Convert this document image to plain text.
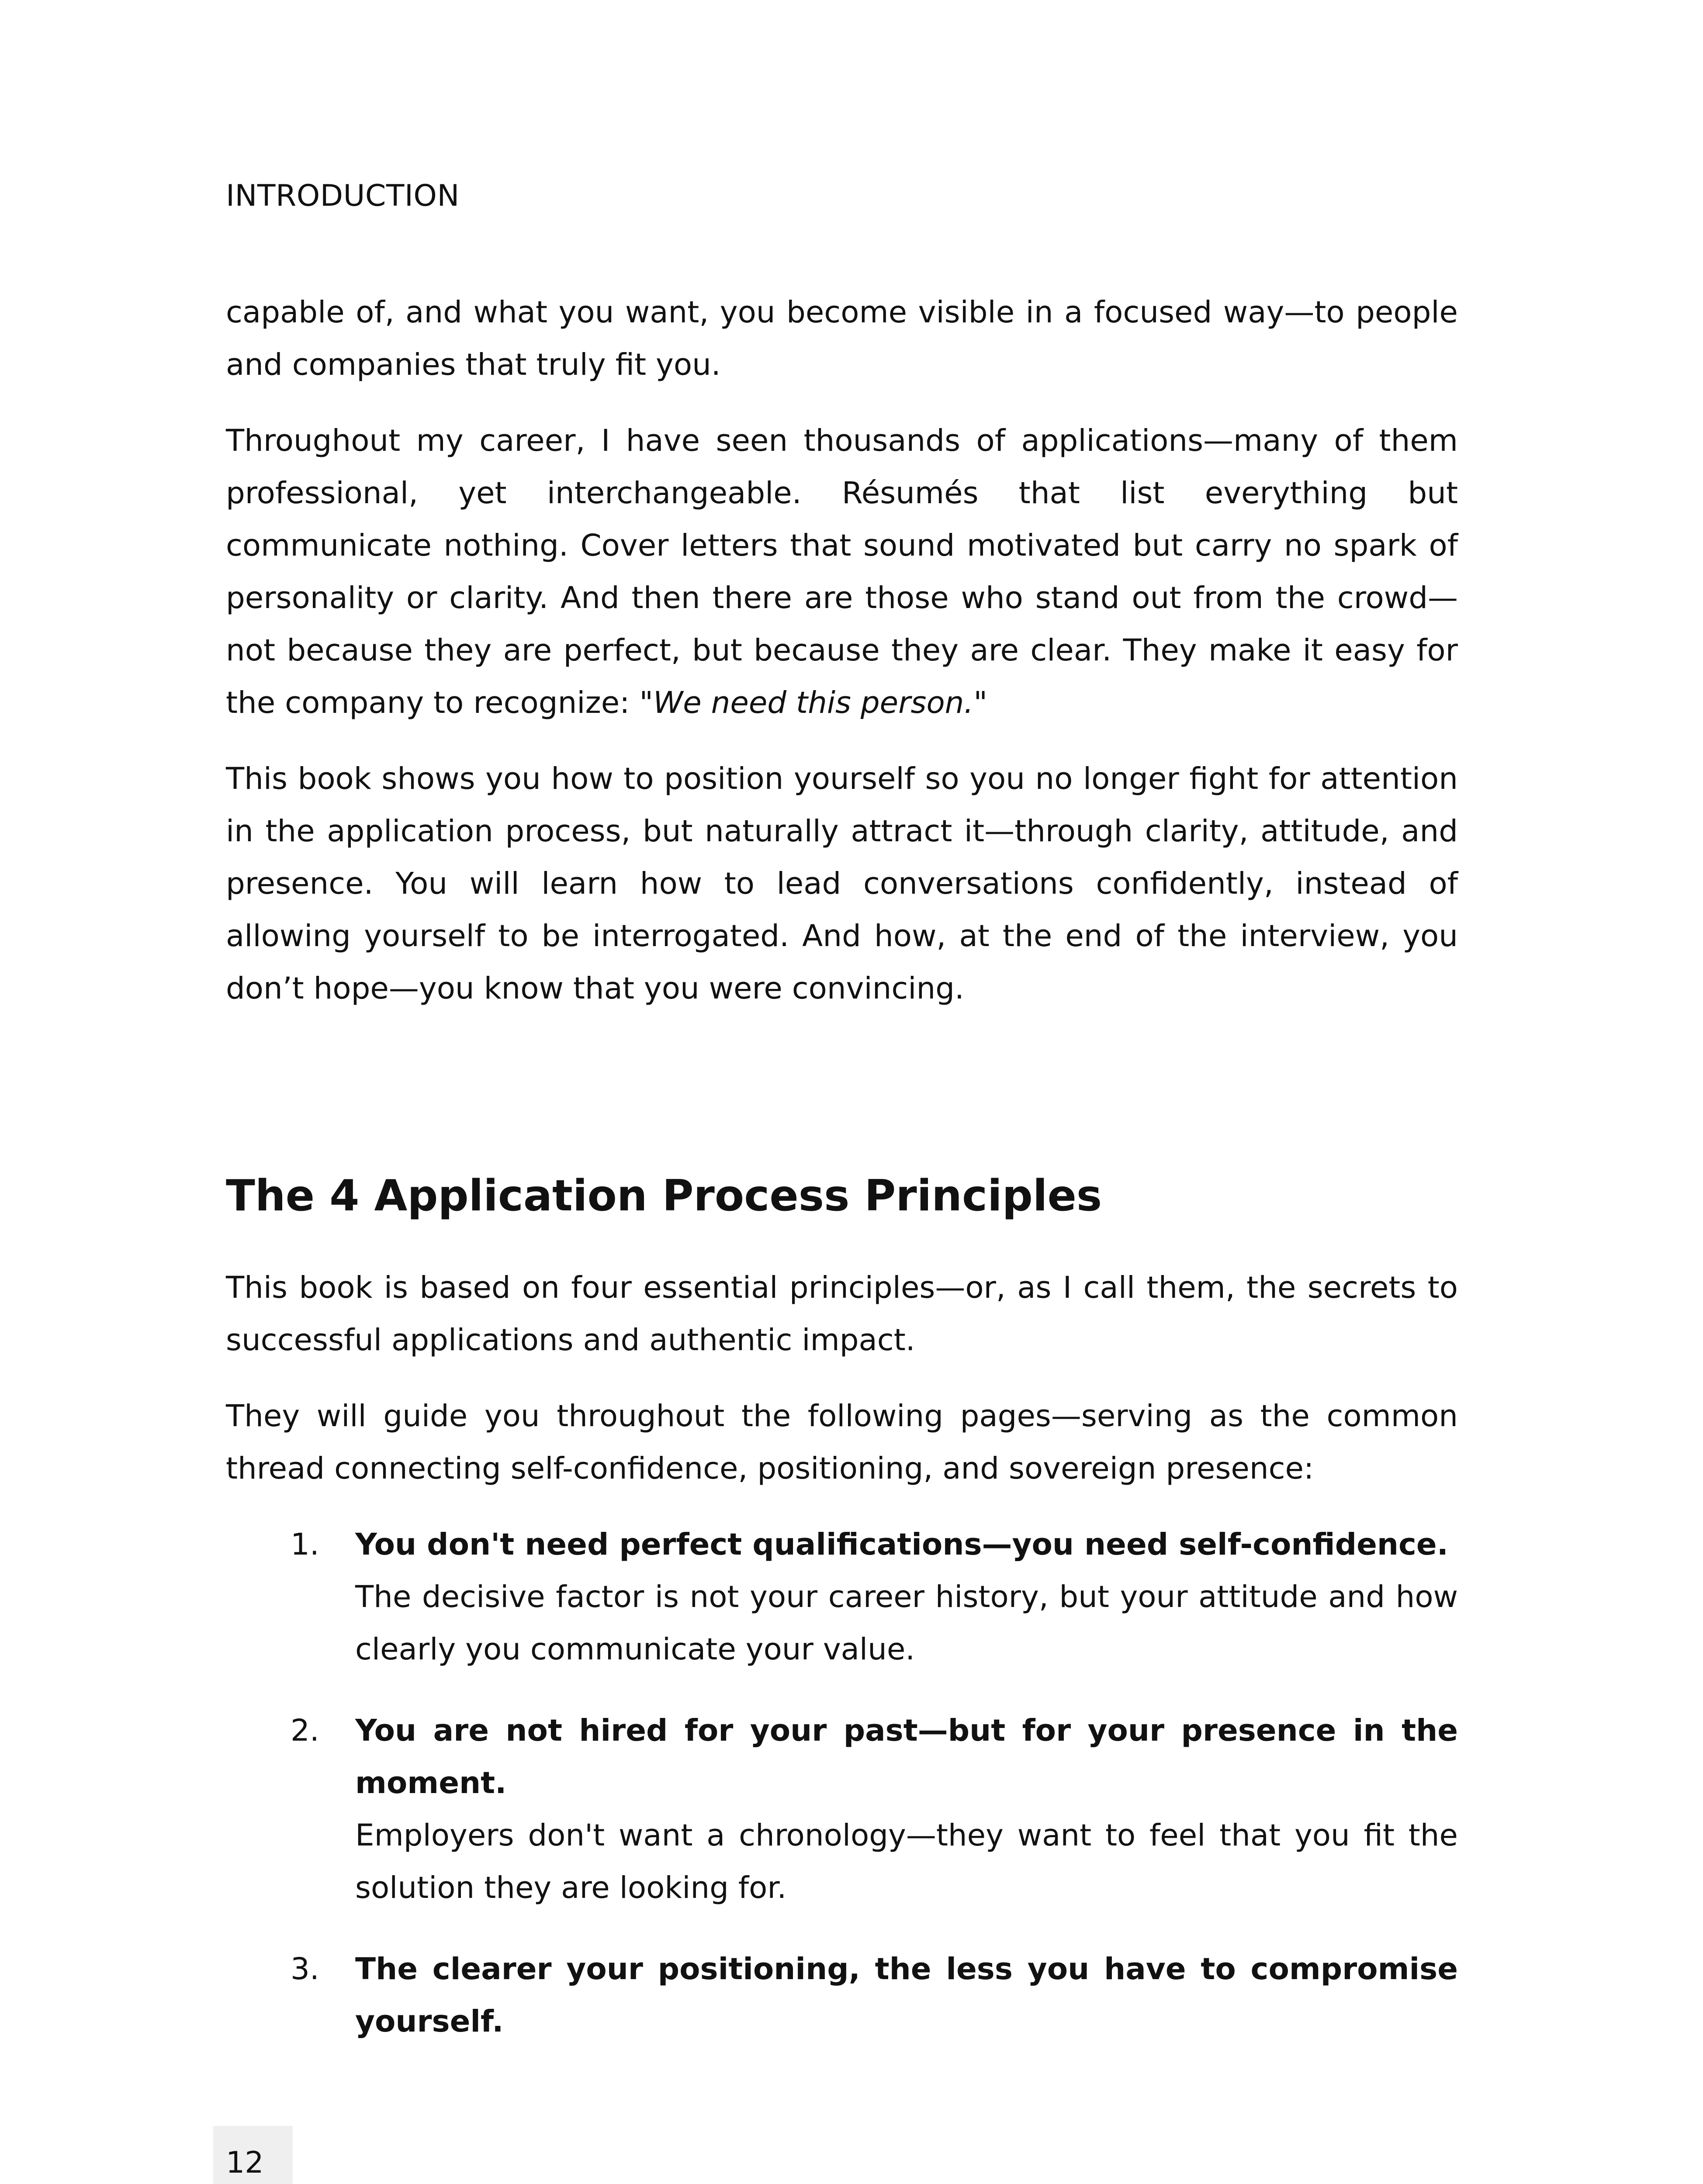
INTRODUCTION

capable of, and what you want, you become visible in a focused way—to people and companies that truly fit you.

Throughout my career, I have seen thousands of applications—many of them professional, yet interchangeable. Résumés that list everything but communicate nothing. Cover letters that sound motivated but carry no spark of personality or clarity. And then there are those who stand out from the crowd—not because they are perfect, but because they are clear. They make it easy for the company to recognize: "We need this person."

This book shows you how to position yourself so you no longer fight for attention in the application process, but naturally attract it—through clarity, attitude, and presence. You will learn how to lead conversations confidently, instead of allowing yourself to be interrogated. And how, at the end of the interview, you don’t hope—you know that you were convincing.

The 4 Application Process Principles

This book is based on four essential principles—or, as I call them, the secrets to successful applications and authentic impact.

They will guide you throughout the following pages—serving as the common thread connecting self-confidence, positioning, and sovereign presence:

1. You don't need perfect qualifications—you need self-confidence.
The decisive factor is not your career history, but your attitude and how clearly you communicate your value.
2. You are not hired for your past—but for your presence in the moment.
Employers don't want a chronology—they want to feel that you fit the solution they are looking for.
3. The clearer your positioning, the less you have to compromise yourself.
12
